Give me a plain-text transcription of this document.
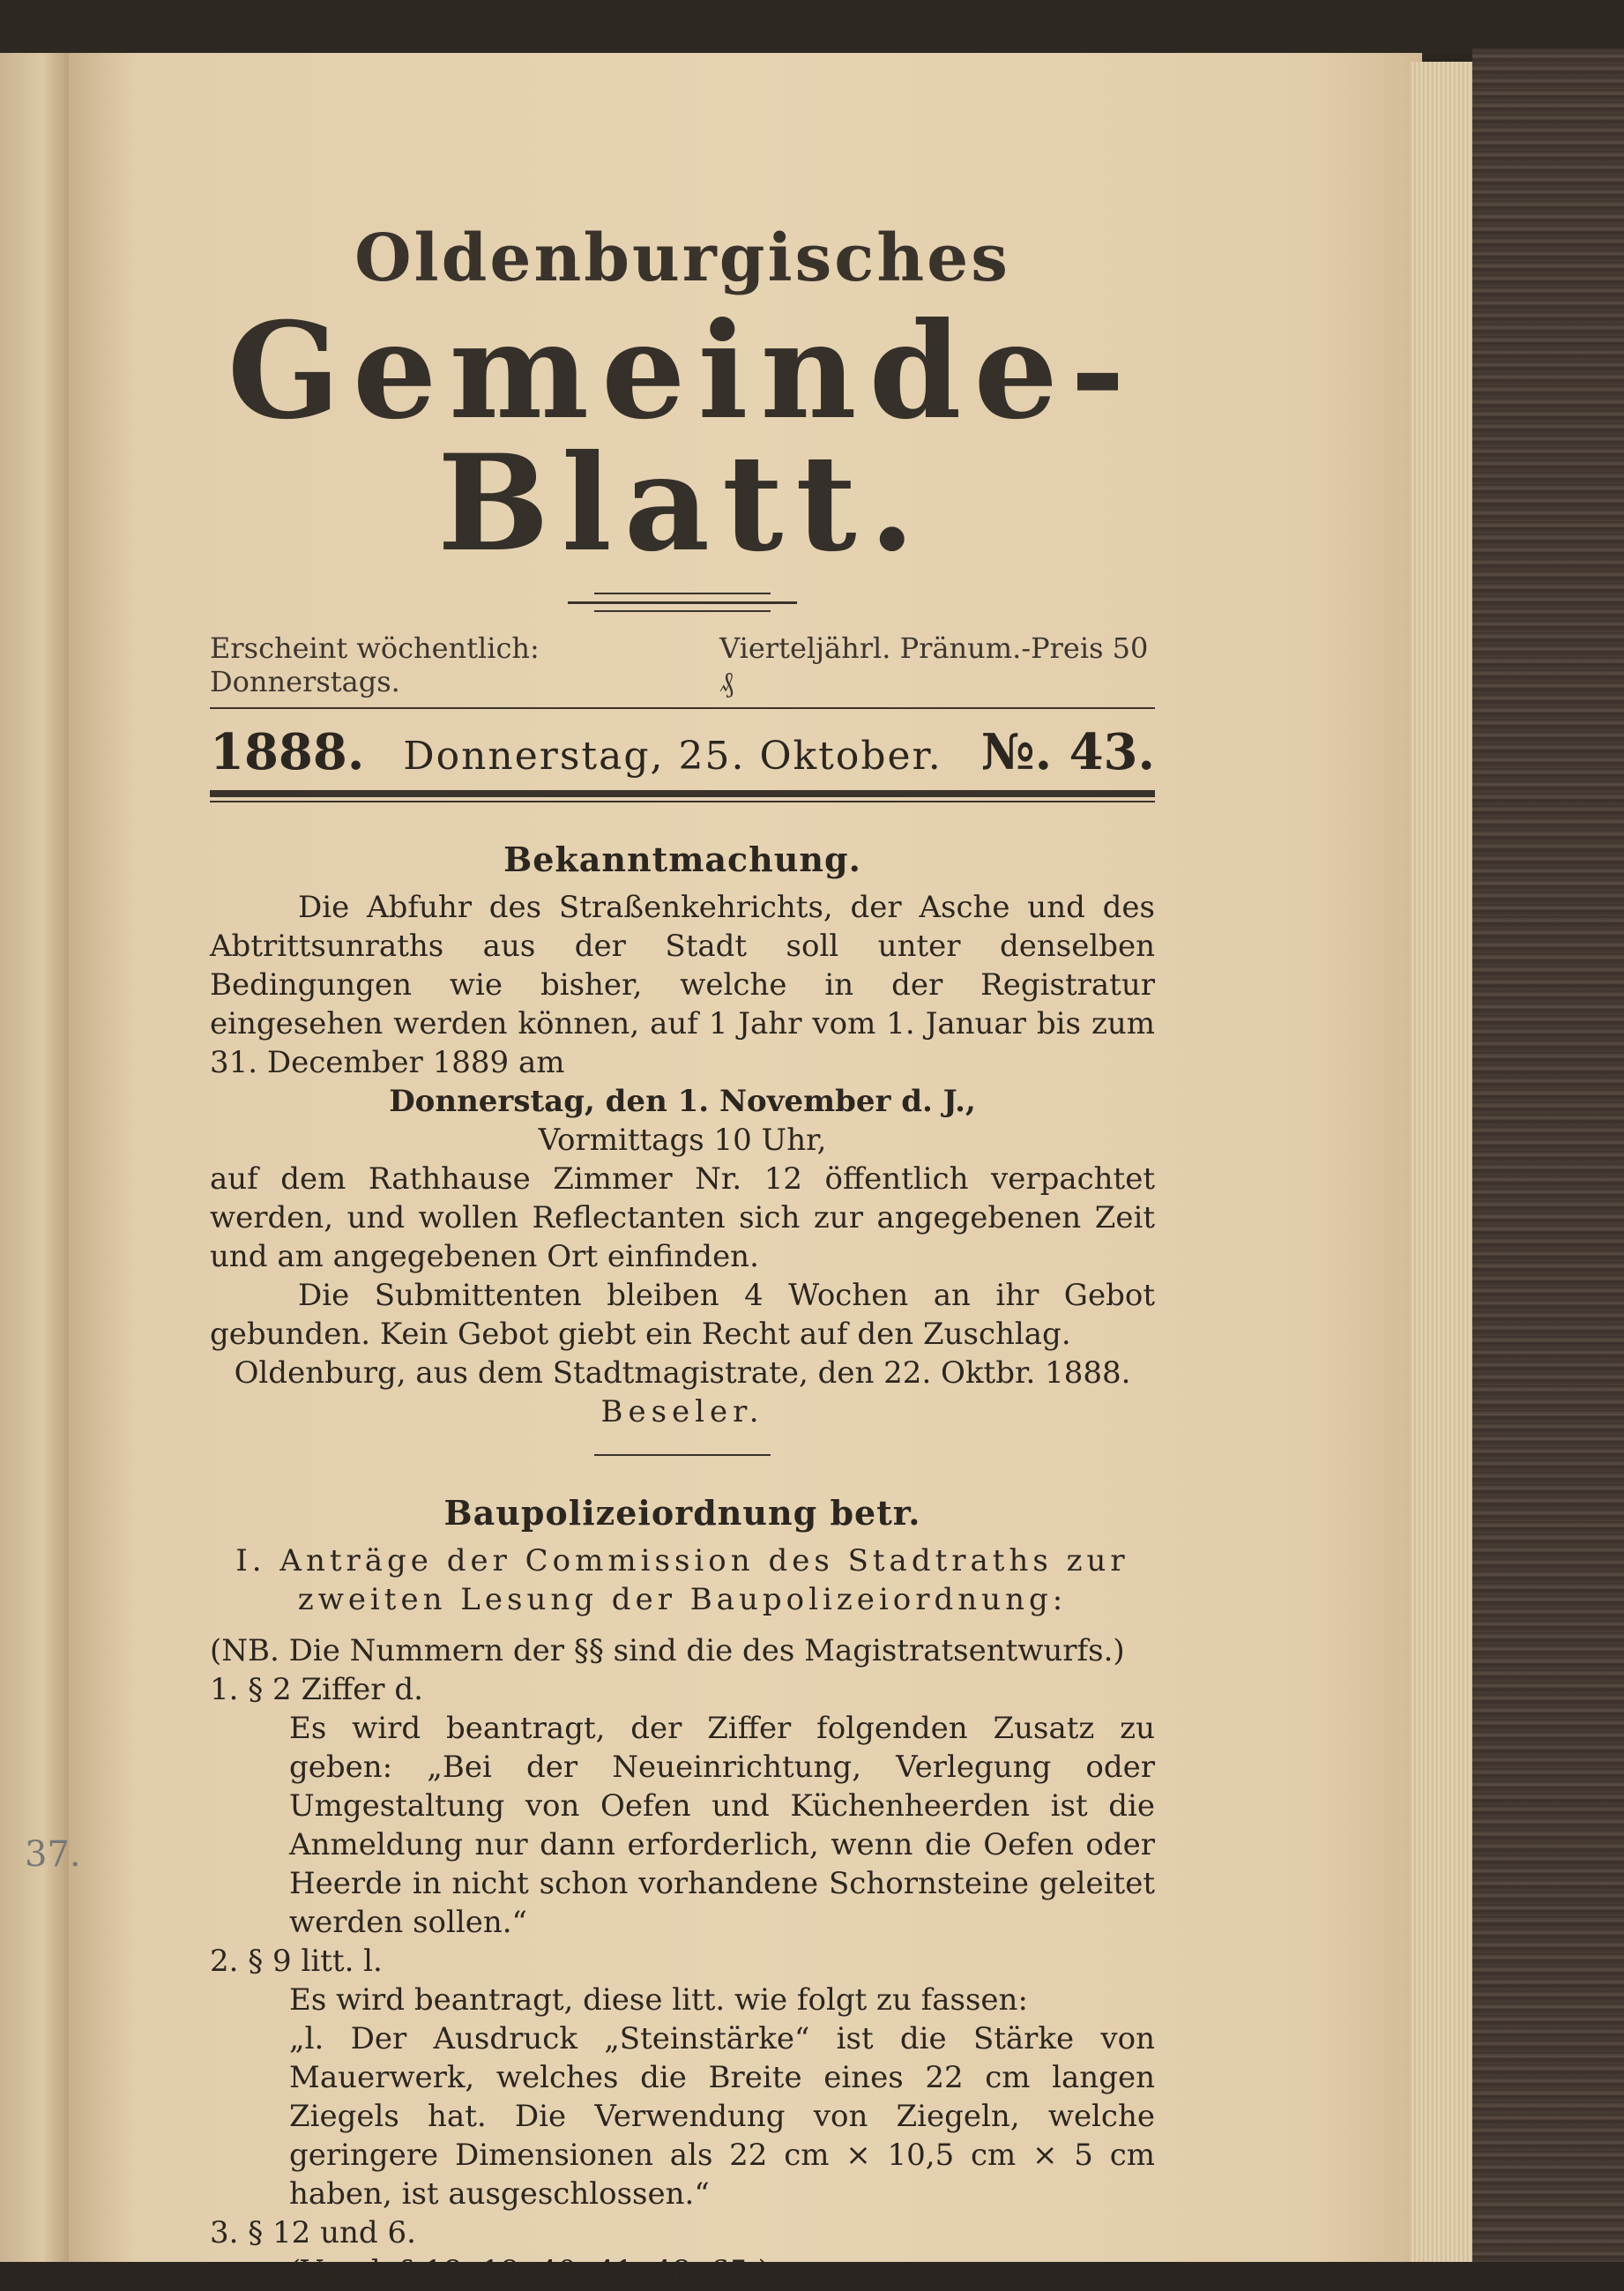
37.
Oldenburgisches
Gemeinde-Blatt.
Erscheint wöchentlich: Donnerstags.
Vierteljährl. Pränum.-Preis 50 ₰
1888. Donnerstag, 25. Oktober. №. 43.
Bekanntmachung.

Die Abfuhr des Straßenkehrichts, der Asche und des Abtrittsunraths aus der Stadt soll unter denselben Bedingungen wie bisher, welche in der Registratur eingesehen werden können, auf 1 Jahr vom 1. Januar bis zum 31. December 1889 am

Donnerstag, den 1. November d. J.,

Vormittags 10 Uhr,

auf dem Rathhause Zimmer Nr. 12 öffentlich verpachtet werden, und wollen Reflectanten sich zur angegebenen Zeit und am angegebenen Ort einfinden.

Die Submittenten bleiben 4 Wochen an ihr Gebot gebunden. Kein Gebot giebt ein Recht auf den Zuschlag.

Oldenburg, aus dem Stadtmagistrate, den 22. Oktbr. 1888.

Beseler.

Baupolizeiordnung betr.

I. Anträge der Commission des Stadtraths zur zweiten Lesung der Baupolizeiordnung:

(NB. Die Nummern der §§ sind die des Magistratsentwurfs.)

1. § 2 Ziffer d.

Es wird beantragt, der Ziffer folgenden Zusatz zu geben: „Bei der Neueinrichtung, Verlegung oder Umgestaltung von Oefen und Küchenheerden ist die Anmeldung nur dann erforderlich, wenn die Oefen oder Heerde in nicht schon vorhandene Schornsteine geleitet werden sollen.“

2. § 9 litt. l.

Es wird beantragt, diese litt. wie folgt zu fassen:

„l. Der Ausdruck „Steinstärke“ ist die Stärke von Mauerwerk, welches die Breite eines 22 cm langen Ziegels hat. Die Verwendung von Ziegeln, welche geringere Dimensionen als 22 cm × 10,5 cm × 5 cm haben, ist ausgeschlossen.“

3. § 12 und 6.

(Vergl. § 18, 19, 40, 41, 48, 65.)
